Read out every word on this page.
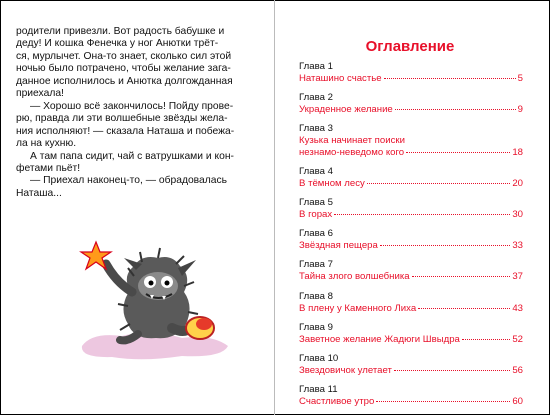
родители привезли. Вот радость бабушке и

деду! И кошка Фенечка у ног Анютки трёт-

ся, мурлычет. Она-то знает, сколько сил этой

ночью было потрачено, чтобы желание зага-

данное исполнилось и Анютка долгожданная

приехала!

— Хорошо всё закончилось! Пойду прове-

рю, правда ли эти волшебные звёзды жела-

ния исполняют! — сказала Наташа и побежа-

ла на кухню.

А там папа сидит, чай с ватрушками и кон-

фетами пьёт!

— Приехал наконец-то, — обрадовалась

Наташа...

Оглавление
Глава 1
Наташино счастье	5
Глава 2
Украденное желание	9
Глава 3
Кузька начинает поиски
незнамо-неведомо кого	18
Глава 4
В тёмном лесу	20
Глава 5
В горах	30
Глава 6
Звёздная пещера	33
Глава 7
Тайна злого волшебника	37
Глава 8
В плену у Каменного Лиха	43
Глава 9
Заветное желание Жадюги Швыдра	52
Глава 10
Звездовичок улетает	56
Глава 11
Счастливое утро	60
